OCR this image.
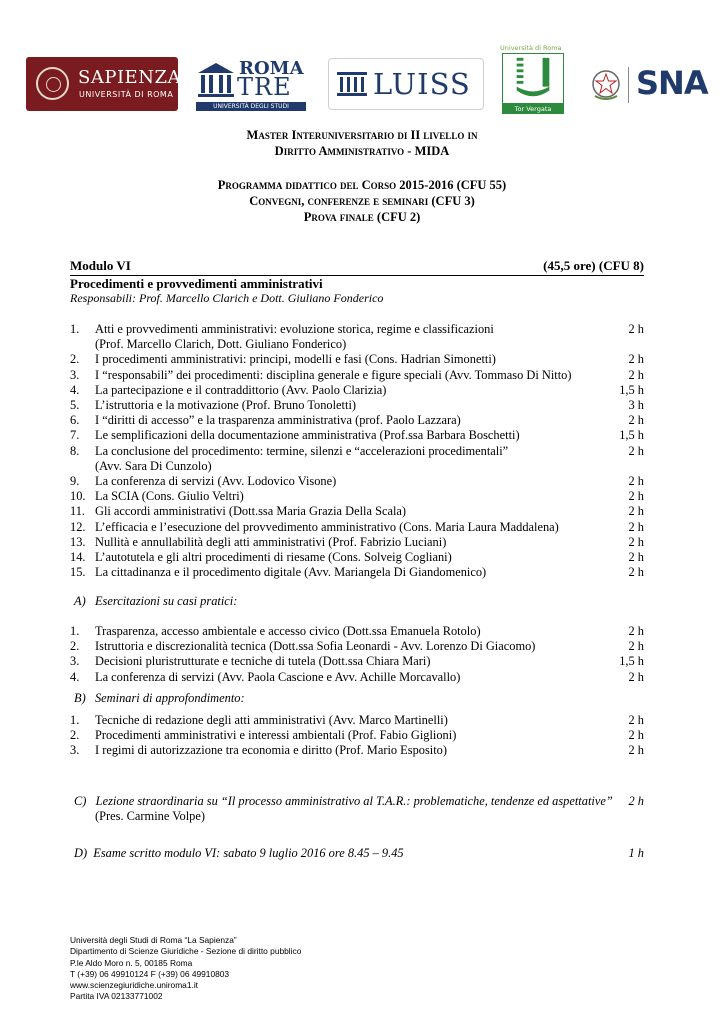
SAPIENZA
UNIVERSITÀ DI ROMA
ROMA
TRE
UNIVERSITÀ DEGLI STUDI
LUISS
Università di Roma
Tor Vergata
SNA
Master Interuniversitario di II livello in
Diritto Amministrativo - MIDA
Programma didattico del Corso 2015-2016 (CFU 55)
Convegni, conferenze e seminari (CFU 3)
Prova finale (CFU 2)
Modulo VI	(45,5 ore) (CFU 8)
Procedimenti e provvedimenti amministrativi
Responsabili: Prof. Marcello Clarich e Dott. Giuliano Fonderico
1. Atti e provvedimenti amministrativi: evoluzione storica, regime e classificazioni
(Prof. Marcello Clarich, Dott. Giuliano Fonderico)
2 h
2. I procedimenti amministrativi: principi, modelli e fasi (Cons. Hadrian Simonetti)	2 h
3. I “responsabili” dei procedimenti: disciplina generale e figure speciali (Avv. Tommaso Di Nitto)	2 h
4. La partecipazione e il contraddittorio (Avv. Paolo Clarizia)	1,5 h
5. L’istruttoria e la motivazione (Prof. Bruno Tonoletti)	3 h
6. I “diritti di accesso” e la trasparenza amministrativa (prof. Paolo Lazzara)	2 h
7. Le semplificazioni della documentazione amministrativa (Prof.ssa Barbara Boschetti)	1,5 h
8. La conclusione del procedimento: termine, silenzi e “accelerazioni procedimentali”
(Avv. Sara Di Cunzolo)
2 h
9. La conferenza di servizi (Avv. Lodovico Visone)	2 h
10. La SCIA (Cons. Giulio Veltri)	2 h
11. Gli accordi amministrativi (Dott.ssa Maria Grazia Della Scala)	2 h
12. L’efficacia e l’esecuzione del provvedimento amministrativo (Cons. Maria Laura Maddalena)	2 h
13. Nullità e annullabilità degli atti amministrativi (Prof. Fabrizio Luciani)	2 h
14. L’autotutela e gli altri procedimenti di riesame (Cons. Solveig Cogliani)	2 h
15. La cittadinanza e il procedimento digitale (Avv. Mariangela Di Giandomenico)	2 h
A)   Esercitazioni su casi pratici:
1. Trasparenza, accesso ambientale e accesso civico (Dott.ssa Emanuela Rotolo)	2 h
2. Istruttoria e discrezionalità tecnica (Dott.ssa Sofia Leonardi - Avv. Lorenzo Di Giacomo)	2 h
3. Decisioni pluristrutturate e tecniche di tutela (Dott.ssa Chiara Mari)	1,5 h
4. La conferenza di servizi (Avv. Paola Cascione e Avv. Achille Morcavallo)	2 h
B)   Seminari di approfondimento:
1. Tecniche di redazione degli atti amministrativi (Avv. Marco Martinelli)	2 h
2. Procedimenti amministrativi e interessi ambientali (Prof. Fabio Giglioni)	2 h
3. I regimi di autorizzazione tra economia e diritto (Prof. Mario Esposito)	2 h
C)   Lezione straordinaria su “Il processo amministrativo al T.A.R.: problematiche, tendenze ed aspettative”
(Pres. Carmine Volpe)
2 h
D)  Esame scritto modulo VI: sabato 9 luglio 2016 ore 8.45 – 9.45	1 h
Università degli Studi di Roma “La Sapienza”
Dipartimento di Scienze Giuridiche - Sezione di diritto pubblico
P.le Aldo Moro n. 5, 00185 Roma
T (+39) 06 49910124 F (+39) 06 49910803
www.scienzegiuridiche.uniroma1.it
Partita IVA 02133771002
